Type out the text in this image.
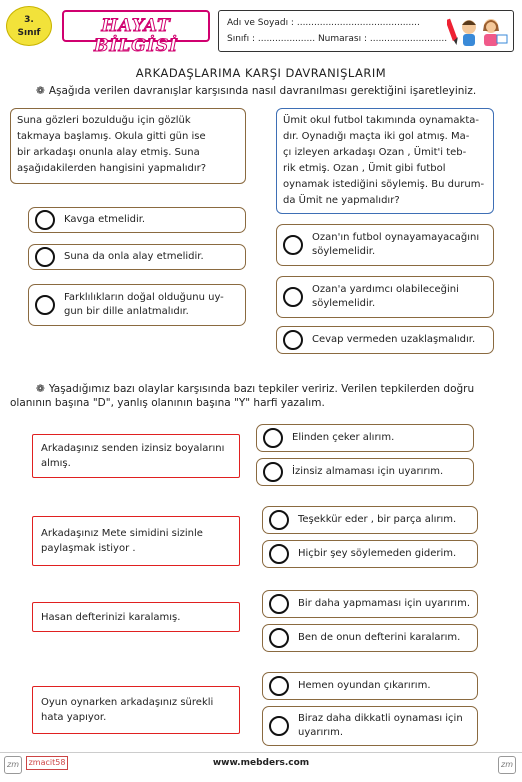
3.
Sınıf	HAYAT BİLGİSİ
Adı ve Soyadı : ...........................................
Sınıfı : .................... Numarası : ...........................
ARKADAŞLARIMA KARŞI DAVRANIŞLARIM
❁ Aşağıda verilen davranışlar karşısında nasıl davranılması gerektiğini işaretleyiniz.
Suna gözleri bozulduğu için gözlük
takmaya başlamış. Okula gitti gün ise
bir arkadaşı onunla alay etmiş. Suna
aşağıdakilerden hangisini yapmalıdır?
Ümit okul futbol takımında oynamakta-
dır. Oynadığı maçta iki gol atmış. Ma-
çı izleyen arkadaşı Ozan , Ümit'i teb-
rik etmiş. Ozan , Ümit gibi futbol
oynamak istediğini söylemiş. Bu durum-
da Ümit ne yapmalıdır?
Kavga etmelidir.
Suna da onla alay etmelidir.
Farklılıkların doğal olduğunu uy-
gun bir dille anlatmalıdır.
Ozan'ın futbol oynayamayacağını
söylemelidir.
Ozan'a yardımcı olabileceğini
söylemelidir.
Cevap vermeden uzaklaşmalıdır.
❁ Yaşadığımız bazı olaylar karşısında bazı tepkiler veririz. Verilen tepkilerden doğru
olanının başına "D", yanlış olanının başına "Y" harfi yazalım.
Arkadaşınız senden izinsiz boyalarını
almış.
Elinden çeker alırım.
İzinsiz almaması için uyarırım.
Arkadaşınız Mete simidini sizinle
paylaşmak istiyor .
Teşekkür eder , bir parça alırım.
Hiçbir şey söylemeden giderim.
Hasan defterinizi karalamış.
Bir daha yapmaması için uyarırım.
Ben de onun defterini karalarım.
Oyun oynarken arkadaşınız sürekli
hata yapıyor.
Hemen oyundan çıkarırım.
Biraz daha dikkatli oynaması için
uyarırım.
zm	zmacit58	www.mebders.com	zm
